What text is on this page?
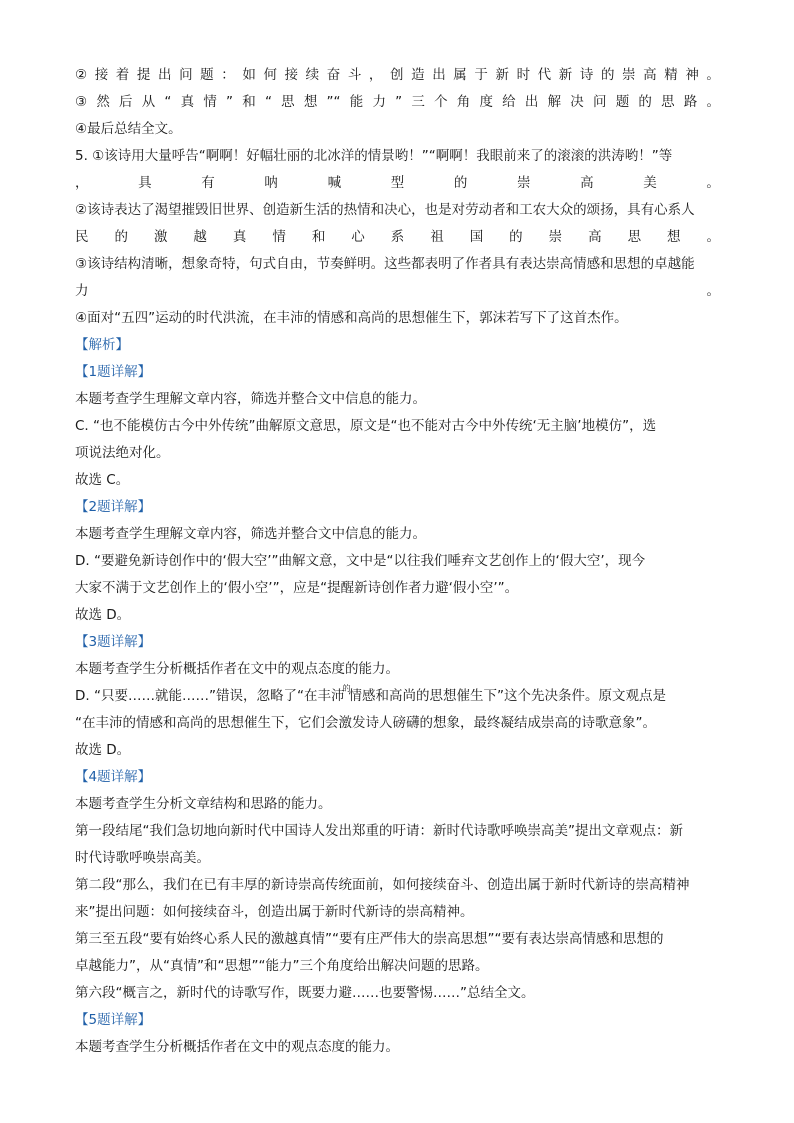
② 接 着 提 出 问 题 ： 如 何 接 续 奋 斗 ， 创 造 出 属 于 新 时 代 新 诗 的 崇 高 精 神 。
③ 然 后 从 “ 真 情 ” 和 “ 思 想 ”“ 能 力 ” 三 个 角 度 给 出 解 决 问 题 的 思 路 。
④最后总结全文。
5. ①该诗用大量呼告“啊啊！好幅壮丽的北冰洋的情景哟！”“啊啊！我眼前来了的滚滚的洪涛哟！”等
，	具	有	呐	喊	型	的	崇	高	美	。
②该诗表达了渴望摧毁旧世界、创造新生活的热情和决心，也是对劳动者和工农大众的颂扬，具有心系人
民 的 激 越 真 情 和 心 系 祖 国 的 崇 高 思 想 。
③该诗结构清晰，想象奇特，句式自由，节奏鲜明。这些都表明了作者具有表达崇高情感和思想的卓越能
力	。
④面对“五四”运动的时代洪流，在丰沛的情感和高尚的思想催生下，郭沫若写下了这首杰作。
【解析】
【1题详解】
本题考查学生理解文章内容，筛选并整合文中信息的能力。
C. “也不能模仿古今中外传统”曲解原文意思，原文是“也不能对古今中外传统‘无主脑’地模仿”，选
项说法绝对化。
故选 C。
【2题详解】
本题考查学生理解文章内容，筛选并整合文中信息的能力。
D. “要避免新诗创作中的‘假大空’”曲解文意，文中是“以往我们唾弃文艺创作上的‘假大空’，现今
大家不满于文艺创作上的‘假小空’”，应是“提醒新诗创作者力避‘假小空’”。
故选 D。
【3题详解】
本题考查学生分析概括作者在文中的观点态度的能力。
D. “只要……就能……”错误，忽略了“在丰沛$^的$情感和高尚的思想催生下”这个先决条件。原文观点是
“在丰沛的情感和高尚的思想催生下，它们会激发诗人磅礴的想象，最终凝结成崇高的诗歌意象”。
故选 D。
【4题详解】
本题考查学生分析文章结构和思路的能力。
第一段结尾“我们急切地向新时代中国诗人发出郑重的吁请：新时代诗歌呼唤崇高美”提出文章观点：新
时代诗歌呼唤崇高美。
第二段“那么，我们在已有丰厚的新诗崇高传统面前，如何接续奋斗、创造出属于新时代新诗的崇高精神
来”提出问题：如何接续奋斗，创造出属于新时代新诗的崇高精神。
第三至五段“要有始终心系人民的激越真情”“要有庄严伟大的崇高思想”“要有表达崇高情感和思想的
卓越能力”，从“真情”和“思想”“能力”三个角度给出解决问题的思路。
第六段“概言之，新时代的诗歌写作，既要力避……也要警惕……”总结全文。
【5题详解】
本题考查学生分析概括作者在文中的观点态度的能力。
